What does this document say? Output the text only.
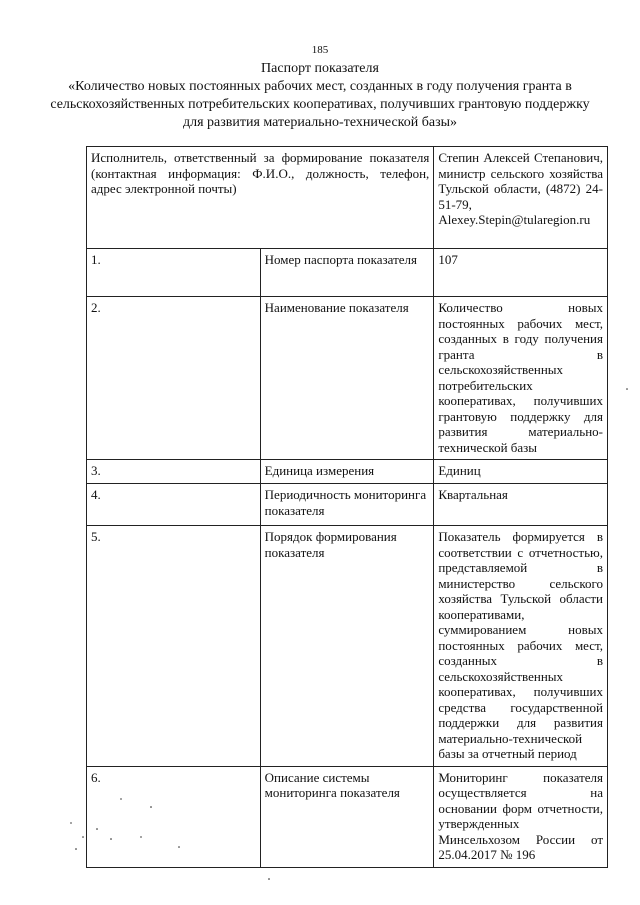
185
Паспорт показателя
«Количество новых постоянных рабочих мест, созданных в году получения гранта в сельскохозяйственных потребительских кооперативах, получивших грантовую поддержку для развития материально-технической базы»
Исполнитель, ответственный за формирование показателя (контактная информация: Ф.И.О., должность, телефон, адрес электронной почты)		Степин Алексей Степанович, министр сельского хозяйства Тульской области, (4872) 24-51-79, Alexey.Stepin@tularegion.ru

1.	Номер паспорта показателя	107
2.	Наименование показателя	Количество новых постоянных рабочих мест, созданных в году получения гранта в сельскохозяйственных потребительских кооперативах, получивших грантовую поддержку для развития материально-технической базы

3.	Единица измерения	Единиц
4.	Периодичность мониторинга показателя	Квартальная
5.	Порядок формирования показателя	Показатель формируется в соответствии с отчетностью, представляемой в министерство сельского хозяйства Тульской области кооперативами, суммированием новых постоянных рабочих мест, созданных в сельскохозяйственных кооперативах, получивших средства государственной поддержки для развития материально-технической базы за отчетный период

6.	Описание системы мониторинга показателя	Мониторинг показателя осуществляется на основании форм отчетности, утвержденных Минсельхозом России от 25.04.2017 № 196
